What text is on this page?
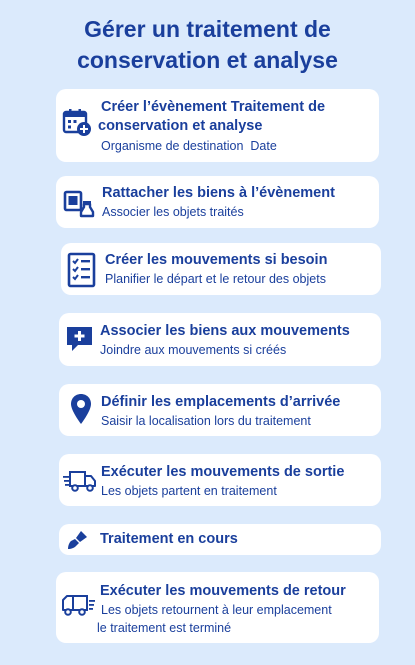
Gérer un traitement de
conservation et analyse
Créer l’évènement Traitement de
conservation et analyse
Organisme de destination  Date
Rattacher les biens à l’évènement
Associer les objets traités
Créer les mouvements si besoin
Planifier le départ et le retour des objets
Associer les biens aux mouvements
Joindre aux mouvements si créés
Définir les emplacements d’arrivée
Saisir la localisation lors du traitement
Exécuter les mouvements de sortie
Les objets partent en traitement
Traitement en cours
Exécuter les mouvements de retour
Les objets retournent à leur emplacement
le traitement est terminé
